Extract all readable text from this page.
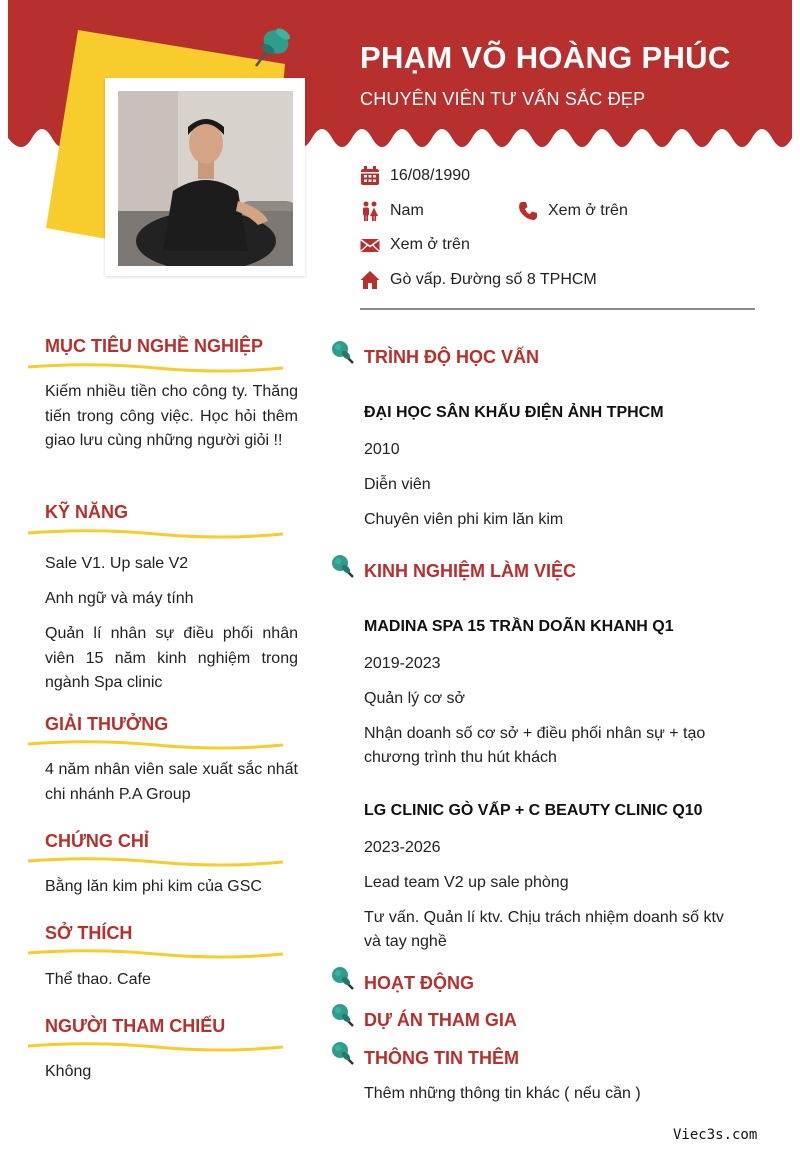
PHẠM VÕ HOÀNG PHÚC
CHUYÊN VIÊN TƯ VẤN SẮC ĐẸP
16/08/1990
Nam	Xem ở trên
Xem ở trên
Gò vấp. Đường số 8 TPHCM
MỤC TIÊU NGHỀ NGHIỆP
Kiếm nhiều tiền cho công ty. Thăng tiến trong công việc. Học hỏi thêm giao lưu cùng những người giỏi !!
KỸ NĂNG
Sale V1. Up sale V2
Anh ngữ và máy tính
Quản lí nhân sự điều phối nhân viên 15 năm kinh nghiệm trong ngành Spa clinic
GIẢI THƯỞNG
4 năm nhân viên sale xuất sắc nhất chi nhánh P.A Group
CHỨNG CHỈ
Bằng lăn kim phi kim của GSC
SỞ THÍCH
Thể thao. Cafe
NGƯỜI THAM CHIẾU
Không
TRÌNH ĐỘ HỌC VẤN
ĐẠI HỌC SÂN KHẤU ĐIỆN ẢNH TPHCM
2010
Diễn viên
Chuyên viên phi kim lăn kim
KINH NGHIỆM LÀM VIỆC
MADINA SPA 15 TRẦN DOÃN KHANH Q1
2019-2023
Quản lý cơ sở
Nhận doanh số cơ sở + điều phối nhân sự + tạo chương trình thu hút khách
LG CLINIC GÒ VẤP + C BEAUTY CLINIC Q10
2023-2026
Lead team V2 up sale phòng
Tư vấn. Quản lí ktv. Chịu trách nhiệm doanh số ktv và tay nghề
HOẠT ĐỘNG
DỰ ÁN THAM GIA
THÔNG TIN THÊM
Thêm những thông tin khác ( nếu cần )
Viec3s.com
